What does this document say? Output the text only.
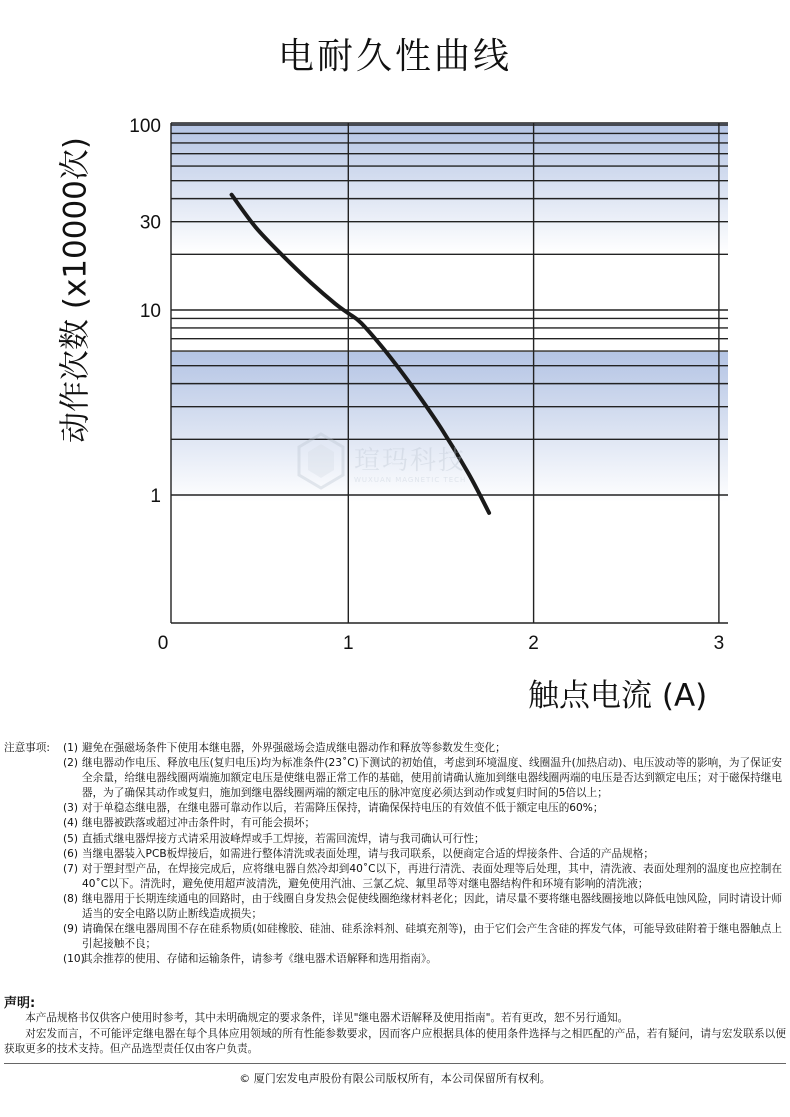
电耐久性曲线
动作次数 (x10000次)
1
10
30
100
0	1	2	3
瑄玛科技
WUXUAN MAGNETIC TECH
触点电流 (A)
注意事项:	(1) 避免在强磁场条件下使用本继电器，外界强磁场会造成继电器动作和释放等参数发生变化；
(2) 继电器动作电压、释放电压(复归电压)均为标准条件(23˚C)下测试的初始值，考虑到环境温度、线圈温升(加热启动)、电压波动等的影响，为了保证安全余量，给继电器线圈两端施加额定电压是使继电器正常工作的基础，使用前请确认施加到继电器线圈两端的电压是否达到额定电压；对于磁保持继电器，为了确保其动作或复归，施加到继电器线圈两端的额定电压的脉冲宽度必须达到动作或复归时间的5倍以上；
(3) 对于单稳态继电器，在继电器可靠动作以后，若需降压保持，请确保保持电压的有效值不低于额定电压的60%；
(4) 继电器被跌落或超过冲击条件时，有可能会损坏；
(5) 直插式继电器焊接方式请采用波峰焊或手工焊接，若需回流焊，请与我司确认可行性；
(6) 当继电器装入PCB板焊接后，如需进行整体清洗或表面处理，请与我司联系，以便商定合适的焊接条件、合适的产品规格；
(7) 对于塑封型产品，在焊接完成后，应将继电器自然冷却到40˚C以下，再进行清洗、表面处理等后处理，其中，清洗液、表面处理剂的温度也应控制在40˚C以下。清洗时，避免使用超声波清洗，避免使用汽油、三氯乙烷、氟里昂等对继电器结构件和环境有影响的清洗液；
(8) 继电器用于长期连续通电的回路时，由于线圈自身发热会促使线圈绝缘材料老化；因此，请尽量不要将继电器线圈接地以降低电蚀风险，同时请设计师适当的安全电路以防止断线造成损失；
(9) 请确保在继电器周围不存在硅系物质(如硅橡胶、硅油、硅系涂料剂、硅填充剂等)，由于它们会产生含硅的挥发气体，可能导致硅附着于继电器触点上引起接触不良；
(10)
其余推荐的使用、存储和运输条件，请参考《继电器术语解释和选用指南》。
声明:

本产品规格书仅供客户使用时参考，其中未明确规定的要求条件，详见"继电器术语解释及使用指南"。若有更改，恕不另行通知。

对宏发而言，不可能评定继电器在每个具体应用领域的所有性能参数要求，因而客户应根据具体的使用条件选择与之相匹配的产品，若有疑问，请与宏发联系以便获取更多的技术支持。但产品选型责任仅由客户负责。

© 厦门宏发电声股份有限公司版权所有，本公司保留所有权利。
